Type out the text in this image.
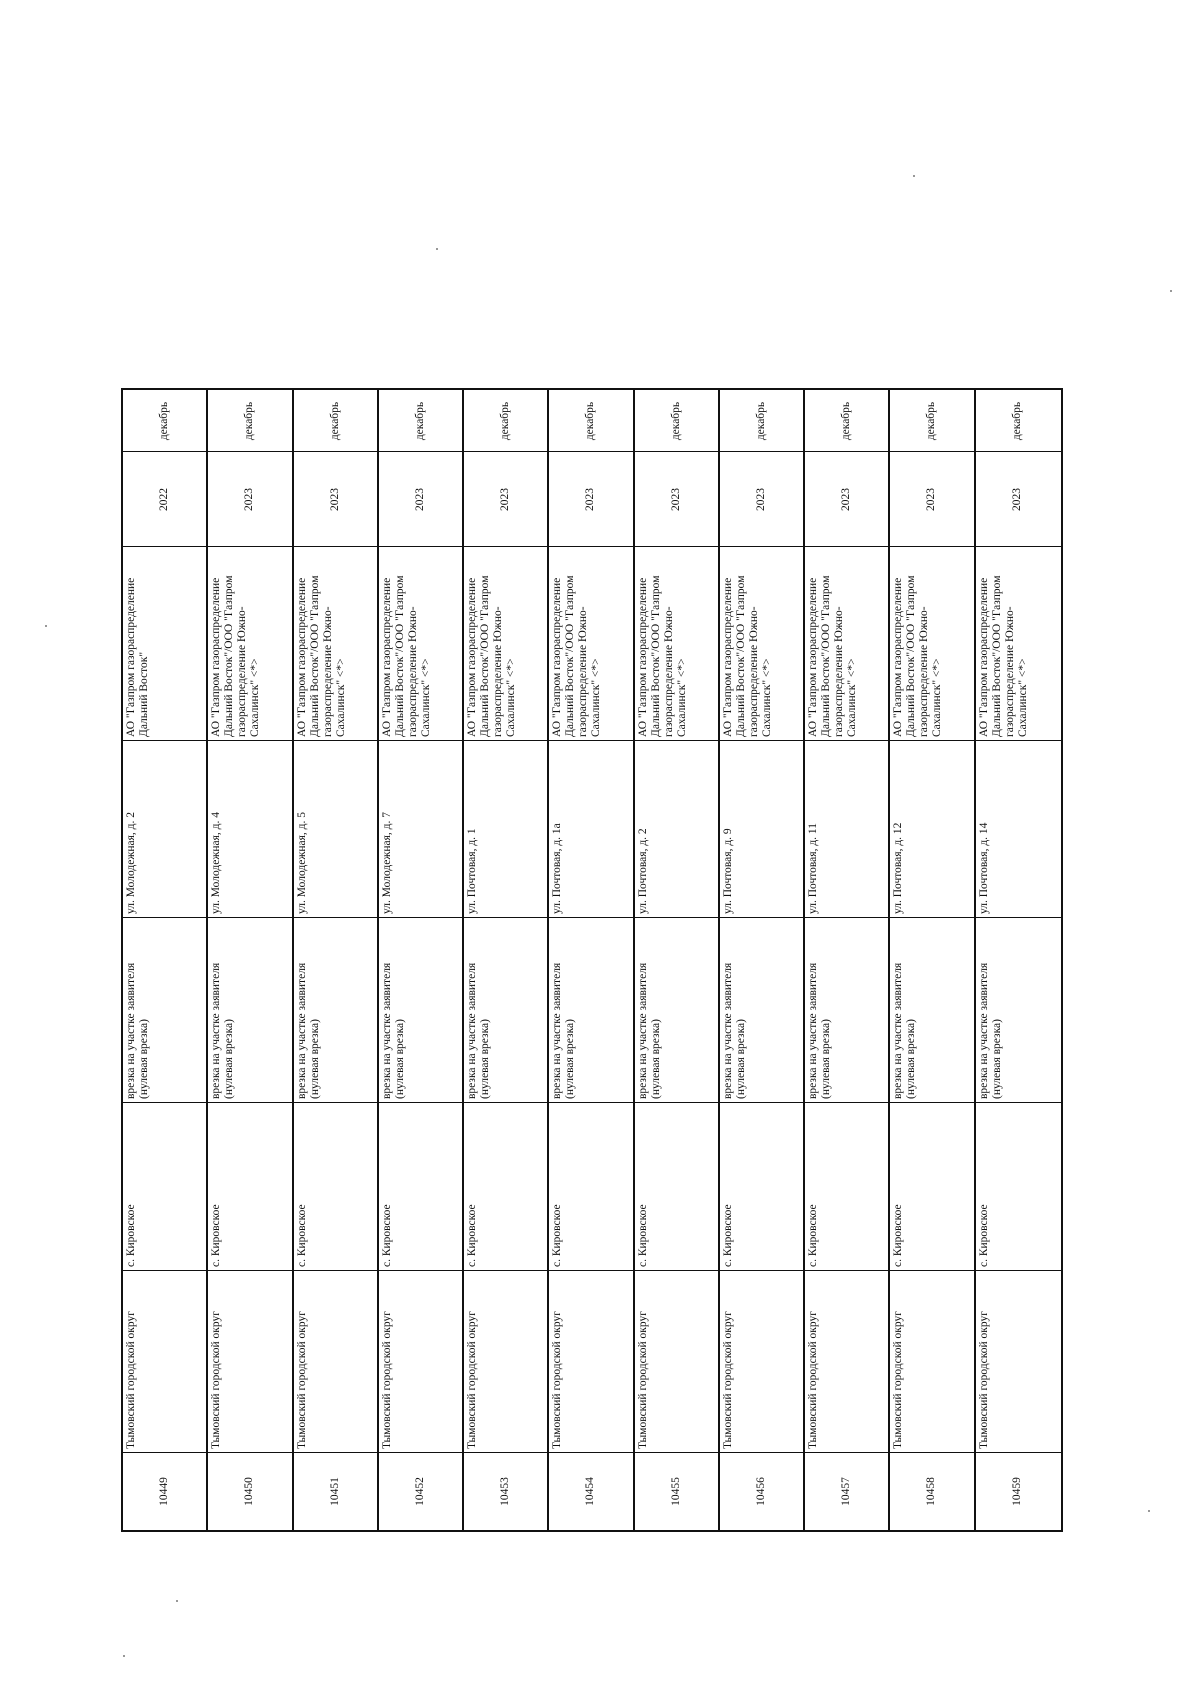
декабрь
2022
АО "Газпром газораспределение Дальний Восток"
ул. Молодежная, д. 2
врезка на участке заявителя (нулевая врезка)
с. Кировское
Тымовский городской округ
10449
декабрь
2023
АО "Газпром газораспределение Дальний Восток"/ООО "Газпром газораспределение Южно-Сахалинск" <*>
ул. Молодежная, д. 4
врезка на участке заявителя (нулевая врезка)
с. Кировское
Тымовский городской округ
10450
декабрь
2023
АО "Газпром газораспределение Дальний Восток"/ООО "Газпром газораспределение Южно-Сахалинск" <*>
ул. Молодежная, д. 5
врезка на участке заявителя (нулевая врезка)
с. Кировское
Тымовский городской округ
10451
декабрь
2023
АО "Газпром газораспределение Дальний Восток"/ООО "Газпром газораспределение Южно-Сахалинск" <*>
ул. Молодежная, д. 7
врезка на участке заявителя (нулевая врезка)
с. Кировское
Тымовский городской округ
10452
декабрь
2023
АО "Газпром газораспределение Дальний Восток"/ООО "Газпром газораспределение Южно-Сахалинск" <*>
ул. Почтовая, д. 1
врезка на участке заявителя (нулевая врезка)
с. Кировское
Тымовский городской округ
10453
декабрь
2023
АО "Газпром газораспределение Дальний Восток"/ООО "Газпром газораспределение Южно-Сахалинск" <*>
ул. Почтовая, д. 1а
врезка на участке заявителя (нулевая врезка)
с. Кировское
Тымовский городской округ
10454
декабрь
2023
АО "Газпром газораспределение Дальний Восток"/ООО "Газпром газораспределение Южно-Сахалинск" <*>
ул. Почтовая, д. 2
врезка на участке заявителя (нулевая врезка)
с. Кировское
Тымовский городской округ
10455
декабрь
2023
АО "Газпром газораспределение Дальний Восток"/ООО "Газпром газораспределение Южно-Сахалинск" <*>
ул. Почтовая, д. 9
врезка на участке заявителя (нулевая врезка)
с. Кировское
Тымовский городской округ
10456
декабрь
2023
АО "Газпром газораспределение Дальний Восток"/ООО "Газпром газораспределение Южно-Сахалинск" <*>
ул. Почтовая, д. 11
врезка на участке заявителя (нулевая врезка)
с. Кировское
Тымовский городской округ
10457
декабрь
2023
АО "Газпром газораспределение Дальний Восток"/ООО "Газпром газораспределение Южно-Сахалинск" <*>
ул. Почтовая, д. 12
врезка на участке заявителя (нулевая врезка)
с. Кировское
Тымовский городской округ
10458
декабрь
2023
АО "Газпром газораспределение Дальний Восток"/ООО "Газпром газораспределение Южно-Сахалинск" <*>
ул. Почтовая, д. 14
врезка на участке заявителя (нулевая врезка)
с. Кировское
Тымовский городской округ
10459
